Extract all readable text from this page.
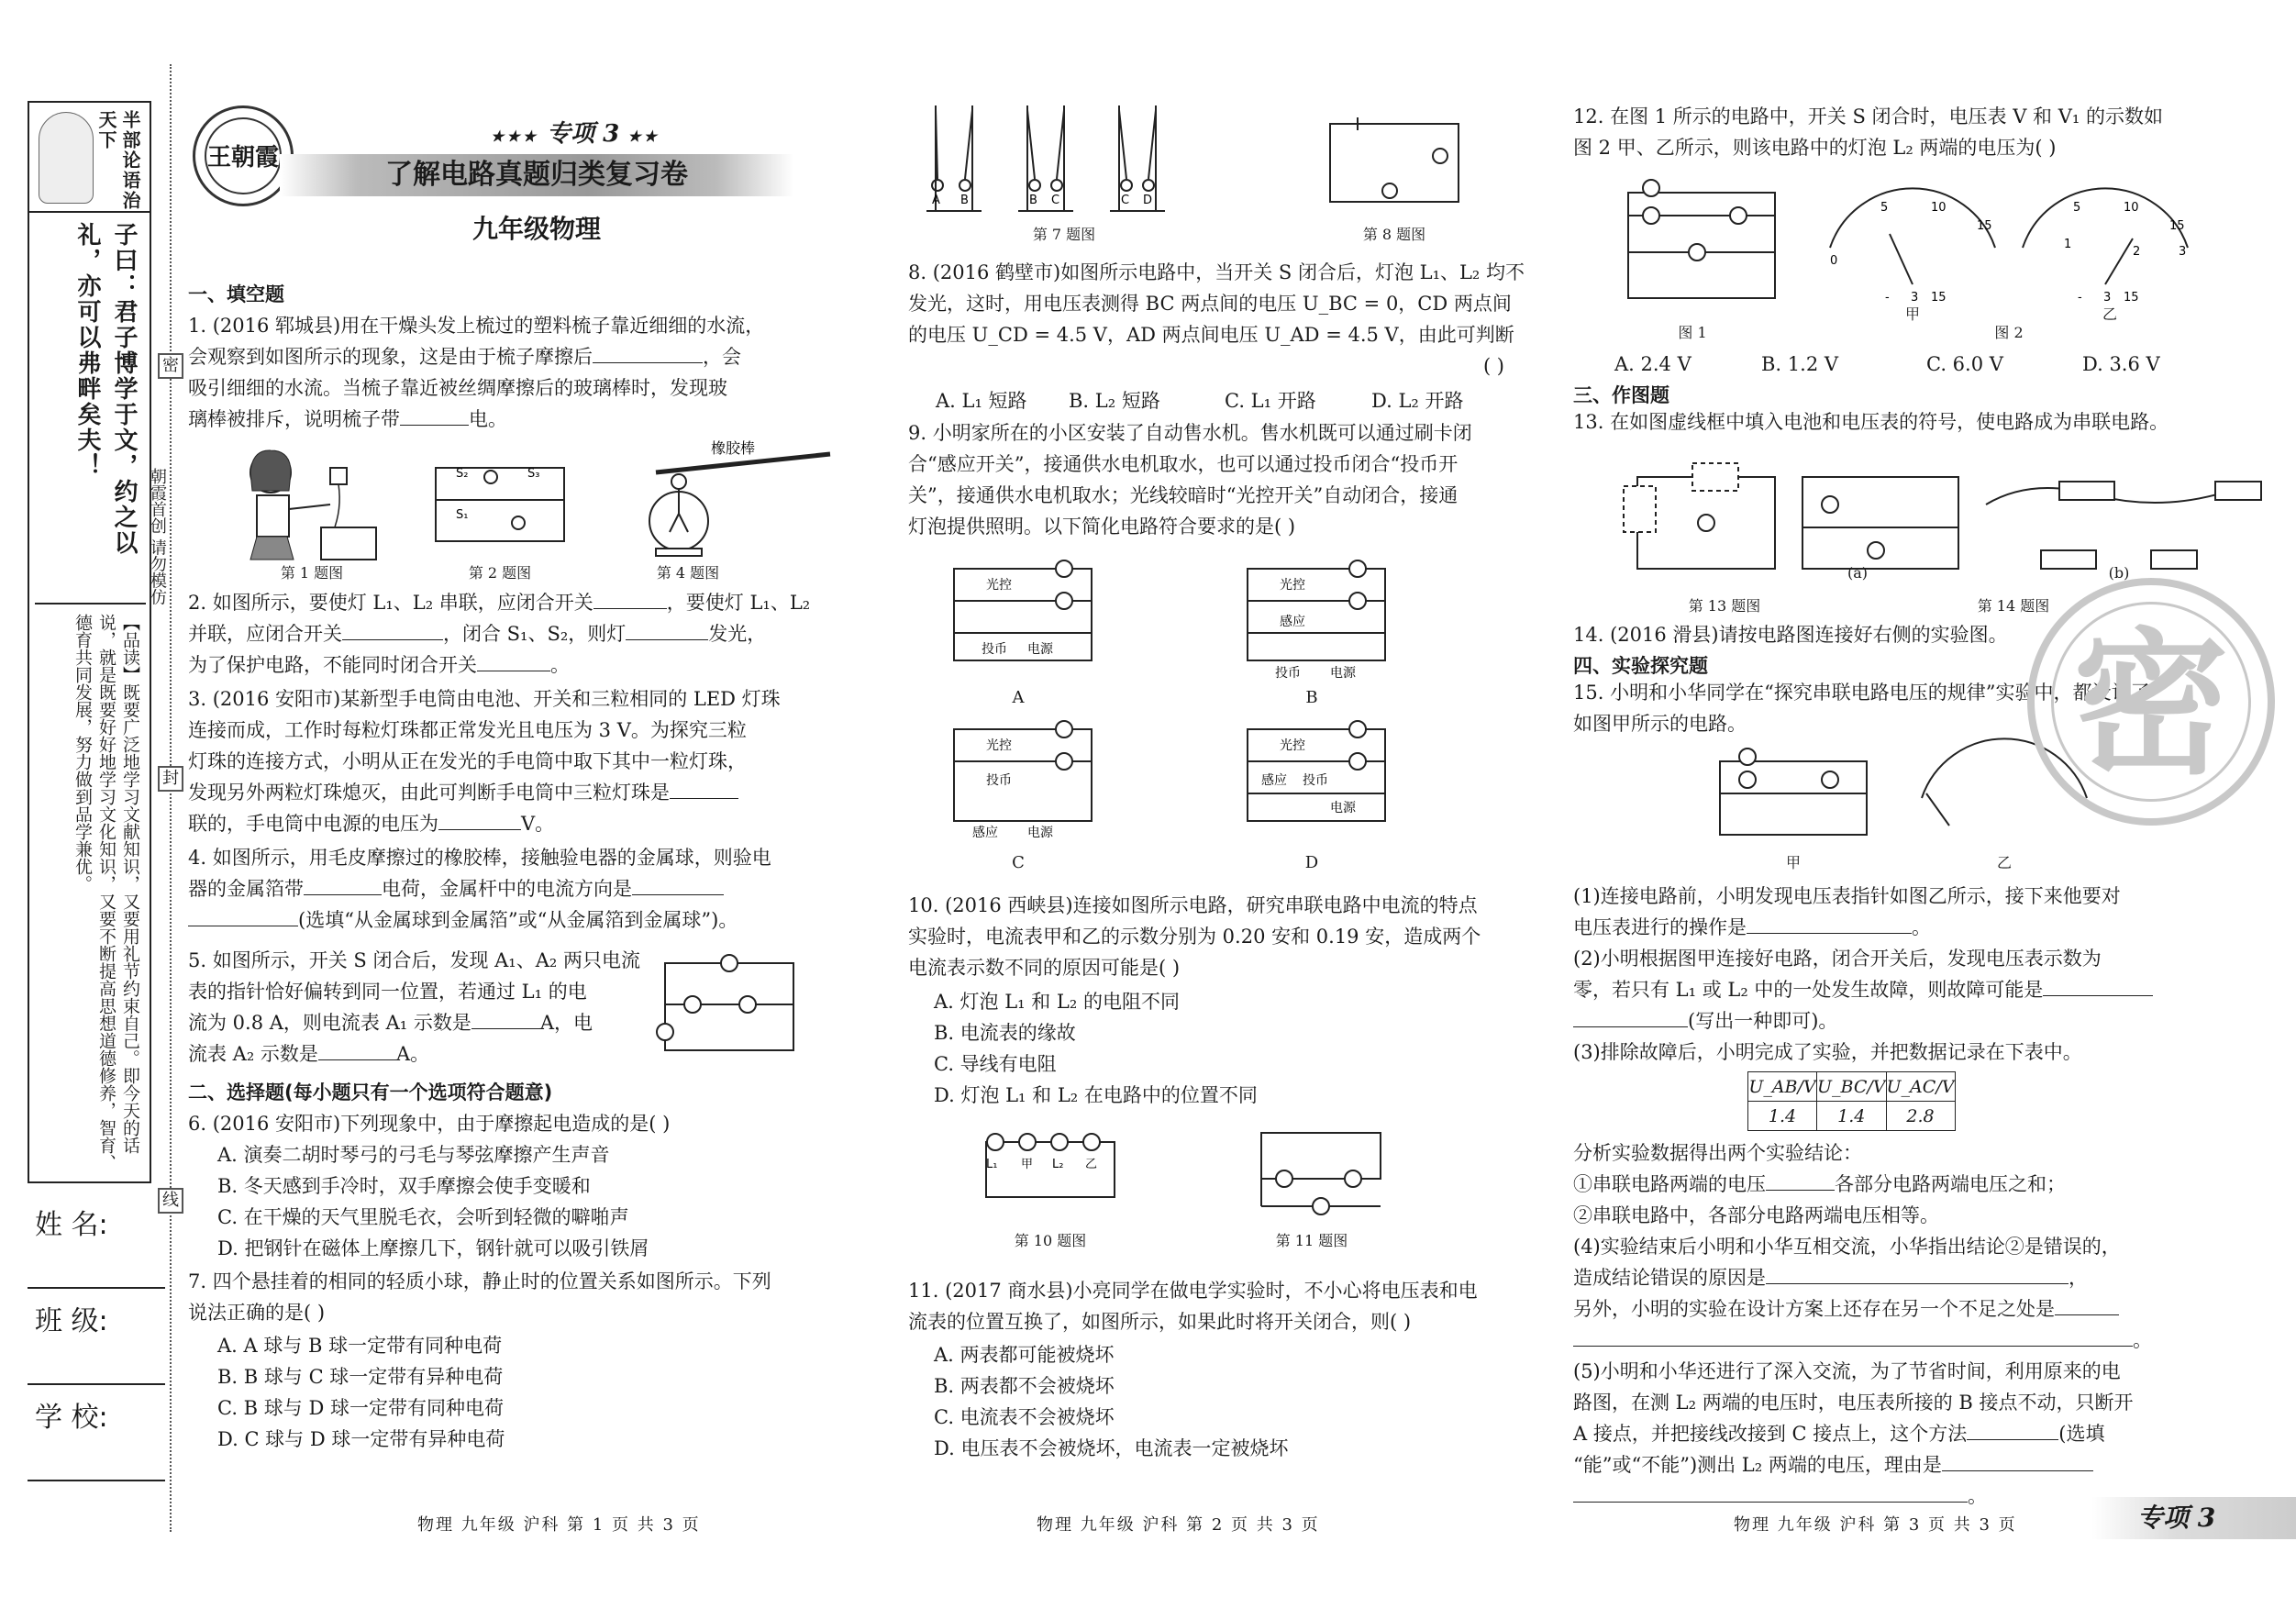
半部论语治天下
子曰：君子博学于文，约之以礼，亦可以弗畔矣夫！
【品读】既要广泛地学习文献知识，又要用礼节约束自己。即今天的话说，就是既要好好地学习文化知识，又要不断提高思想道德修养，智育、德育共同发展，努力做到品学兼优。
朝霞首创 请勿模仿
姓 名:
班 级:
学 校:
密
封
线
王朝霞
★★★ 专项 3 ★★
了解电路真题归类复习卷
九年级物理
一、填空题
1. (2016 郓城县)用在干燥头发上梳过的塑料梳子靠近细细的水流，
会观察到如图所示的现象，这是由于梳子摩擦后	，会
吸引细细的水流。当梳子靠近被丝绸摩擦后的玻璃棒时，发现玻
璃棒被排斥，说明梳子带	电。
S₂	S₃
S₁
橡胶棒
第 1 题图	第 2 题图	第 4 题图
2. 如图所示，要使灯 L₁、L₂ 串联，应闭合开关	，要使灯 L₁、L₂
并联，应闭合开关	，闭合 S₁、S₂，则灯	发光，
为了保护电路，不能同时闭合开关	。
3. (2016 安阳市)某新型手电筒由电池、开关和三粒相同的 LED 灯珠
连接而成，工作时每粒灯珠都正常发光且电压为 3 V。为探究三粒
灯珠的连接方式，小明从正在发光的手电筒中取下其中一粒灯珠，
发现另外两粒灯珠熄灭，由此可判断手电筒中三粒灯珠是
联的，手电筒中电源的电压为	V。
4. 如图所示，用毛皮摩擦过的橡胶棒，接触验电器的金属球，则验电
器的金属箔带	电荷，金属杆中的电流方向是
(选填“从金属球到金属箔”或“从金属箔到金属球”)。
5. 如图所示，开关 S 闭合后，发现 A₁、A₂ 两只电流
表的指针恰好偏转到同一位置，若通过 L₁ 的电
流为 0.8 A，则电流表 A₁ 示数是	A，电
流表 A₂ 示数是	A。
二、选择题(每小题只有一个选项符合题意)
6. (2016 安阳市)下列现象中，由于摩擦起电造成的是( )
A. 演奏二胡时琴弓的弓毛与琴弦摩擦产生声音
B. 冬天感到手冷时，双手摩擦会使手变暖和
C. 在干燥的天气里脱毛衣，会听到轻微的噼啪声
D. 把钢针在磁体上摩擦几下，钢针就可以吸引铁屑
7. 四个悬挂着的相同的轻质小球，静止时的位置关系如图所示。下列
说法正确的是( )
A. A 球与 B 球一定带有同种电荷
B. B 球与 C 球一定带有异种电荷
C. B 球与 D 球一定带有同种电荷
D. C 球与 D 球一定带有异种电荷
物理 九年级 沪科 第 1 页 共 3 页
A B	B C	C D
第 7 题图	第 8 题图
8. (2016 鹤壁市)如图所示电路中，当开关 S 闭合后，灯泡 L₁、L₂ 均不
发光，这时，用电压表测得 BC 两点间的电压 U_BC = 0，CD 两点间
的电压 U_CD = 4.5 V，AD 两点间电压 U_AD = 4.5 V，由此可判断
( )
A. L₁ 短路 B. L₂ 短路	C. L₁ 开路	D. L₂ 开路
9. 小明家所在的小区安装了自动售水机。售水机既可以通过刷卡闭
合“感应开关”，接通供水电机取水，也可以通过投币闭合“投币开
关”，接通供水电机取水；光线较暗时“光控开关”自动闭合，接通
灯泡提供照明。以下简化电路符合要求的是( )
光控
投币 电源
光控
感应
投币 电源
光控
投币
感应 电源
光控
感应 投币
电源
A	B
C	D
10. (2016 西峡县)连接如图所示电路，研究串联电路中电流的特点
实验时，电流表甲和乙的示数分别为 0.20 安和 0.19 安，造成两个
电流表示数不同的原因可能是( )
A. 灯泡 L₁ 和 L₂ 的电阻不同
B. 电流表的缘故
C. 导线有电阻
D. 灯泡 L₁ 和 L₂ 在电路中的位置不同
L₁ 甲 L₂ 乙
第 10 题图	第 11 题图
11. (2017 商水县)小亮同学在做电学实验时，不小心将电压表和电
流表的位置互换了，如图所示，如果此时将开关闭合，则( )
A. 两表都可能被烧坏
B. 两表都不会被烧坏
C. 电流表不会被烧坏
D. 电压表不会被烧坏，电流表一定被烧坏
物理 九年级 沪科 第 2 页 共 3 页
12. 在图 1 所示的电路中，开关 S 闭合时，电压表 V 和 V₁ 的示数如
图 2 甲、乙所示，则该电路中的灯泡 L₂ 两端的电压为( )
图 1
5	10
15
0
5	10
15
1
2	3
- 3 15	- 3 15
甲	乙
图 2
A. 2.4 V	B. 1.2 V	C. 6.0 V	D. 3.6 V
三、作图题
13. 在如图虚线框中填入电池和电压表的符号，使电路成为串联电路。
第 13 题图
(a)	(b)
第 14 题图
14. (2016 滑县)请按电路图连接好右侧的实验图。
四、实验探究题
15. 小明和小华同学在“探究串联电路电压的规律”实验中，都设计了
如图甲所示的电路。
甲	乙
(1)连接电路前，小明发现电压表指针如图乙所示，接下来他要对
电压表进行的操作是	。
(2)小明根据图甲连接好电路，闭合开关后，发现电压表示数为
零，若只有 L₁ 或 L₂ 中的一处发生故障，则故障可能是
(写出一种即可)。
(3)排除故障后，小明完成了实验，并把数据记录在下表中。
U_AB/V	U_BC/V	U_AC/V
1.4	1.4	2.8
分析实验数据得出两个实验结论：
①串联电路两端的电压	各部分电路两端电压之和；
②串联电路中，各部分电路两端电压相等。
(4)实验结束后小明和小华互相交流，小华指出结论②是错误的，
造成结论错误的原因是	，
另外，小明的实验在设计方案上还存在另一个不足之处是
。
(5)小明和小华还进行了深入交流，为了节省时间，利用原来的电
路图，在测 L₂ 两端的电压时，电压表所接的 B 接点不动，只断开
A 接点，并把接线改接到 C 接点上，这个方法	(选填
“能”或“不能”)测出 L₂ 两端的电压，理由是
。
物理 九年级 沪科 第 3 页 共 3 页
密
专项 3
